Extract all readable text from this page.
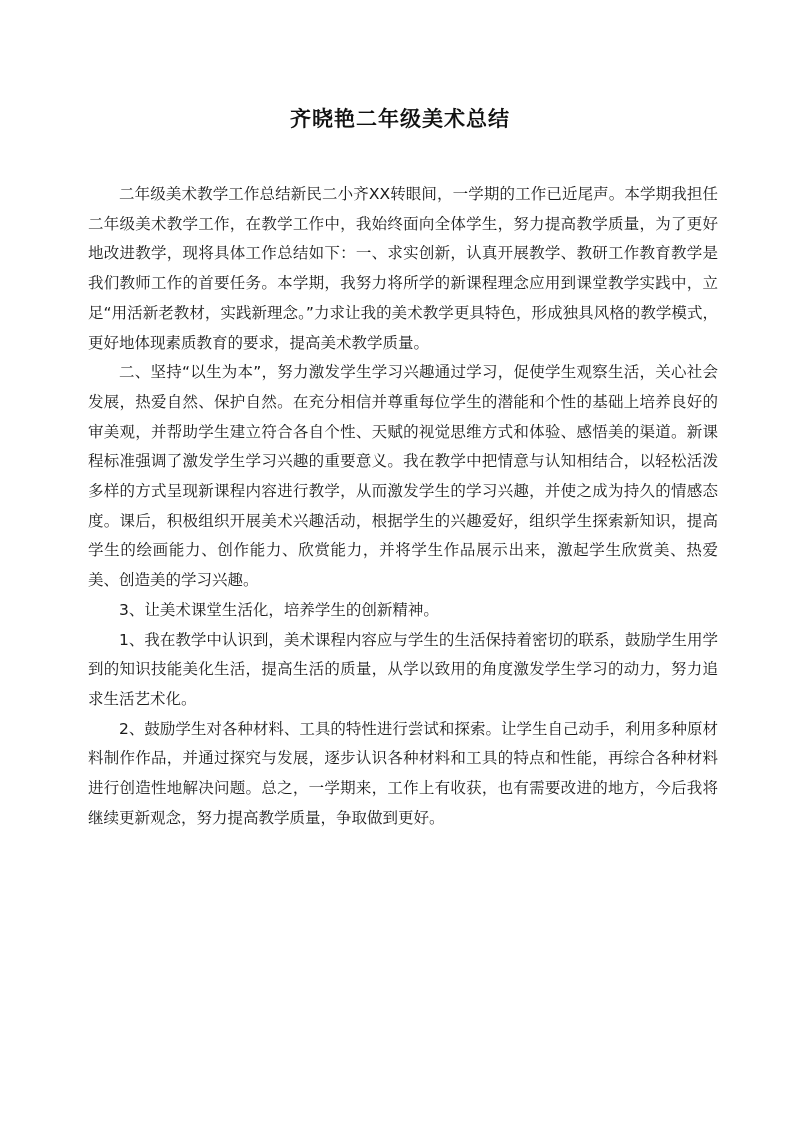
齐晓艳二年级美术总结

二年级美术教学工作总结新民二小齐XX转眼间，一学期的工作已近尾声。本学期我担任二年级美术教学工作，在教学工作中，我始终面向全体学生，努力提高教学质量，为了更好地改进教学，现将具体工作总结如下：一、求实创新，认真开展教学、教研工作教育教学是我们教师工作的首要任务。本学期，我努力将所学的新课程理念应用到课堂教学实践中，立足“用活新老教材，实践新理念。”力求让我的美术教学更具特色，形成独具风格的教学模式，更好地体现素质教育的要求，提高美术教学质量。

二、坚持“以生为本”，努力激发学生学习兴趣通过学习，促使学生观察生活，关心社会发展，热爱自然、保护自然。在充分相信并尊重每位学生的潜能和个性的基础上培养良好的审美观，并帮助学生建立符合各自个性、天赋的视觉思维方式和体验、感悟美的渠道。新课程标准强调了激发学生学习兴趣的重要意义。我在教学中把情意与认知相结合，以轻松活泼多样的方式呈现新课程内容进行教学，从而激发学生的学习兴趣，并使之成为持久的情感态度。课后，积极组织开展美术兴趣活动，根据学生的兴趣爱好，组织学生探索新知识，提高学生的绘画能力、创作能力、欣赏能力，并将学生作品展示出来，激起学生欣赏美、热爱美、创造美的学习兴趣。

3、让美术课堂生活化，培养学生的创新精神。

1、我在教学中认识到，美术课程内容应与学生的生活保持着密切的联系，鼓励学生用学到的知识技能美化生活，提高生活的质量，从学以致用的角度激发学生学习的动力，努力追求生活艺术化。

2、鼓励学生对各种材料、工具的特性进行尝试和探索。让学生自己动手，利用多种原材料制作作品，并通过探究与发展，逐步认识各种材料和工具的特点和性能，再综合各种材料进行创造性地解决问题。总之，一学期来，工作上有收获，也有需要改进的地方，今后我将继续更新观念，努力提高教学质量，争取做到更好。
